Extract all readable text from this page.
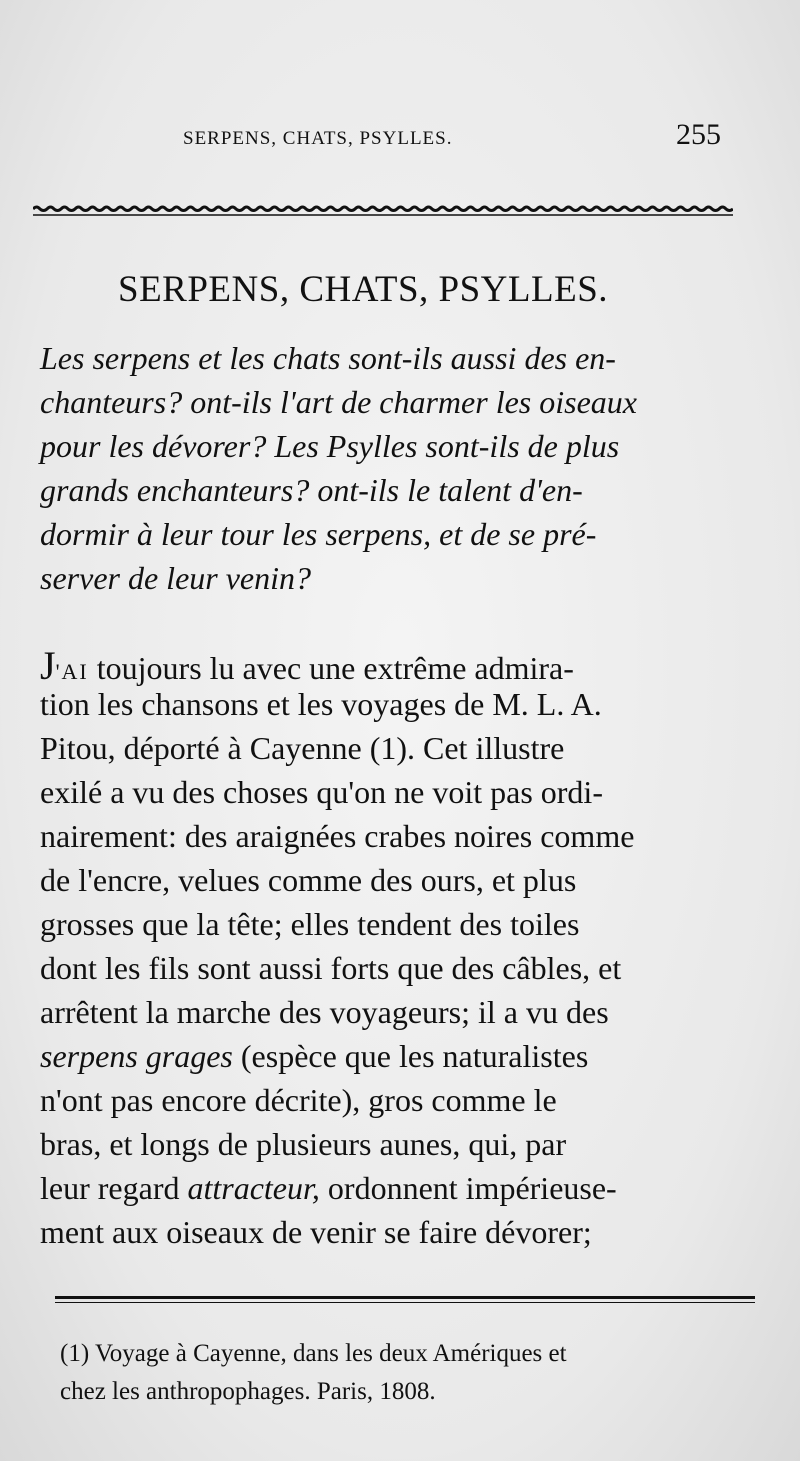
SERPENS, CHATS, PSYLLES.	255
SERPENS, CHATS, PSYLLES.
Les serpens et les chats sont-ils aussi des en-
chanteurs? ont-ils l'art de charmer les oiseaux
pour les dévorer? Les Psylles sont-ils de plus
grands enchanteurs? ont-ils le talent d'en-
dormir à leur tour les serpens, et de se pré-
server de leur venin?
J'AI toujours lu avec une extrême admira-
tion les chansons et les voyages de M. L. A.
Pitou, déporté à Cayenne (1). Cet illustre
exilé a vu des choses qu'on ne voit pas ordi-
nairement: des araignées crabes noires comme
de l'encre, velues comme des ours, et plus
grosses que la tête; elles tendent des toiles
dont les fils sont aussi forts que des câbles, et
arrêtent la marche des voyageurs; il a vu des
serpens grages (espèce que les naturalistes
n'ont pas encore décrite), gros comme le
bras, et longs de plusieurs aunes, qui, par
leur regard attracteur, ordonnent impérieuse-
ment aux oiseaux de venir se faire dévorer;
(1) Voyage à Cayenne, dans les deux Amériques et
chez les anthropophages. Paris, 1808.
